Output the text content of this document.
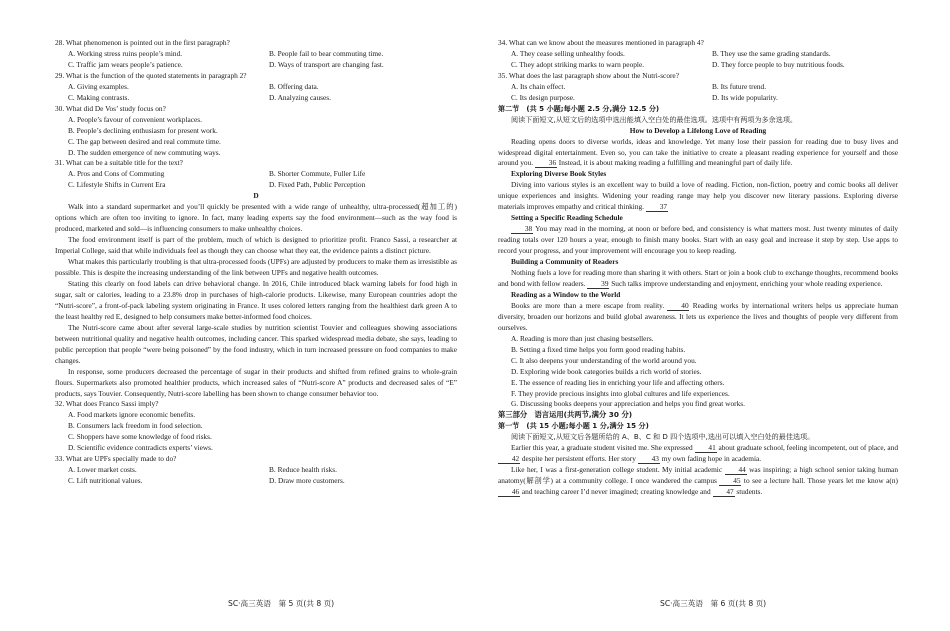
28. What phenomenon is pointed out in the first paragraph?
A. Working stress ruins people’s mind.	B. People fail to bear commuting time.
C. Traffic jam wears people’s patience.	D. Ways of transport are changing fast.
29. What is the function of the quoted statements in paragraph 2?
A. Giving examples.	B. Offering data.
C. Making contrasts.	D. Analyzing causes.
30. What did De Vos’ study focus on?
A. People’s favour of convenient workplaces.
B. People’s declining enthusiasm for present work.
C. The gap between desired and real commute time.
D. The sudden emergence of new commuting ways.
31. What can be a suitable title for the text?
A. Pros and Cons of Commuting	B. Shorter Commute, Fuller Life
C. Lifestyle Shifts in Current Era	D. Fixed Path, Public Perception
D

Walk into a standard supermarket and you’ll quickly be presented with a wide range of unhealthy, ultra-processed(超加工的) options which are often too inviting to ignore. In fact, many leading experts say the food environment—such as the way food is produced, marketed and sold—is influencing consumers to make unhealthy choices.

The food environment itself is part of the problem, much of which is designed to prioritize profit. Franco Sassi, a researcher at Imperial College, said that while individuals feel as though they can choose what they eat, the evidence paints a distinct picture.

What makes this particularly troubling is that ultra-processed foods (UPFs) are adjusted by producers to make them as irresistible as possible. This is despite the increasing understanding of the link between UPFs and negative health outcomes.

Stating this clearly on food labels can drive behavioral change. In 2016, Chile introduced black warning labels for food high in sugar, salt or calories, leading to a 23.8% drop in purchases of high-calorie products. Likewise, many European countries adopt the “Nutri-score”, a front-of-pack labeling system originating in France. It uses colored letters ranging from the healthiest dark green A to the least healthy red E, designed to help consumers make better-informed food choices.

The Nutri-score came about after several large-scale studies by nutrition scientist Touvier and colleagues showing associations between nutritional quality and negative health outcomes, including cancer. This sparked widespread media debate, she says, leading to public perception that people “were being poisoned” by the food industry, which in turn increased pressure on food companies to make changes.

In response, some producers decreased the percentage of sugar in their products and shifted from refined grains to whole-grain flours. Supermarkets also promoted healthier products, which increased sales of “Nutri-score A” products and decreased sales of “E” products, says Touvier. Consequently, Nutri-score labelling has been shown to change consumer behavior too.

32. What does Franco Sassi imply?
A. Food markets ignore economic benefits.
B. Consumers lack freedom in food selection.
C. Shoppers have some knowledge of food risks.
D. Scientific evidence contradicts experts’ views.
33. What are UPFs specially made to do?
A. Lower market costs.	B. Reduce health risks.
C. Lift nutritional values.	D. Draw more customers.
34. What can we know about the measures mentioned in paragraph 4?
A. They cease selling unhealthy foods.	B. They use the same grading standards.
C. They adopt striking marks to warn people.	D. They force people to buy nutritious foods.
35. What does the last paragraph show about the Nutri-score?
A. Its chain effect.	B. Its future trend.
C. Its design purpose.	D. Its wide popularity.
第二节　(共 5 小题;每小题 2.5 分,满分 12.5 分)
阅读下面短文,从短文后的选项中选出能填入空白处的最佳选项。选项中有两项为多余选项。
How to Develop a Lifelong Love of Reading

Reading opens doors to diverse worlds, ideas and knowledge. Yet many lose their passion for reading due to busy lives and widespread digital entertainment. Even so, you can take the initiative to create a pleasant reading experience for yourself and those around you. 36 Instead, it is about making reading a fulfilling and meaningful part of daily life.

Exploring Diverse Book Styles

Diving into various styles is an excellent way to build a love of reading. Fiction, non-fiction, poetry and comic books all deliver unique experiences and insights. Widening your reading range may help you discover new literary passions. Exploring diverse materials improves empathy and critical thinking. 37

Setting a Specific Reading Schedule

38 You may read in the morning, at noon or before bed, and consistency is what matters most. Just twenty minutes of daily reading totals over 120 hours a year, enough to finish many books. Start with an easy goal and increase it step by step. Use apps to record your progress, and your improvement will encourage you to keep reading.

Building a Community of Readers

Nothing fuels a love for reading more than sharing it with others. Start or join a book club to exchange thoughts, recommend books and bond with fellow readers. 39 Such talks improve understanding and enjoyment, enriching your whole reading experience.

Reading as a Window to the World

Books are more than a mere escape from reality. 40 Reading works by international writers helps us appreciate human diversity, broaden our horizons and build global awareness. It lets us experience the lives and thoughts of people very different from ourselves.

A. Reading is more than just chasing bestsellers.
B. Setting a fixed time helps you form good reading habits.
C. It also deepens your understanding of the world around you.
D. Exploring wide book categories builds a rich world of stories.
E. The essence of reading lies in enriching your life and affecting others.
F. They provide precious insights into global cultures and life experiences.
G. Discussing books deepens your appreciation and helps you find great works.
第三部分　语言运用(共两节,满分 30 分)
第一节　(共 15 小题;每小题 1 分,满分 15 分)
阅读下面短文,从短文后各题所给的 A、B、C 和 D 四个选项中,选出可以填入空白处的最佳选项。

Earlier this year, a graduate student visited me. She expressed 41 about graduate school, feeling incompetent, out of place, and 42 despite her persistent efforts. Her story 43 my own fading hope in academia.

Like her, I was a first-generation college student. My initial academic 44 was inspiring; a high school senior taking human anatomy(解剖学) at a community college. I once wandered the campus 45 to see a lecture hall. Those years let me know a(n) 46 and teaching career I’d never imagined; creating knowledge and 47 students.

SC·高三英语　第 5 页(共 8 页)	SC·高三英语　第 6 页(共 8 页)
